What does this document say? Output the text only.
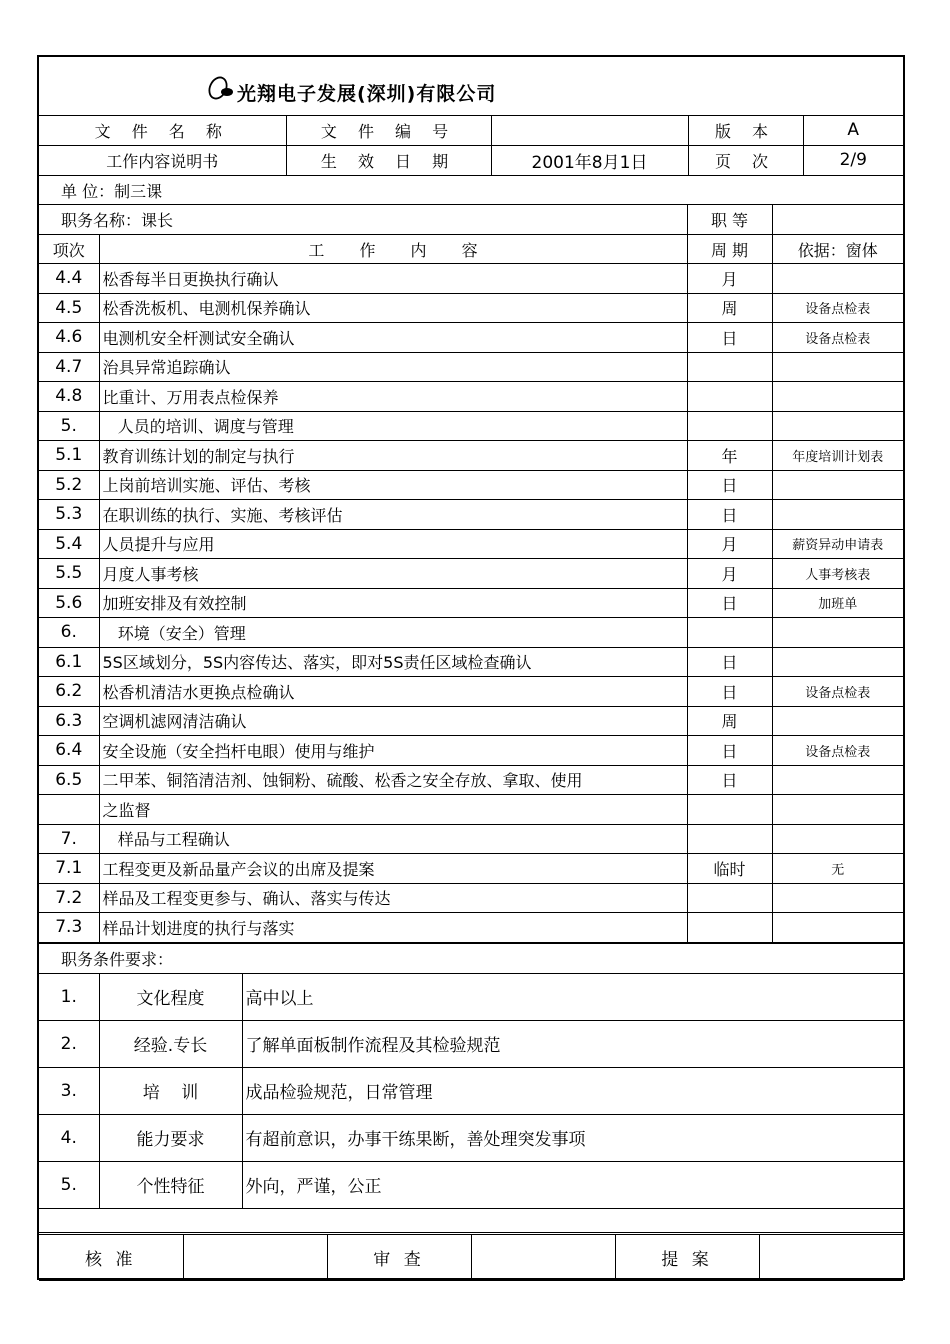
光翔电子发展(深圳)有限公司
文 件 名 称	文 件 编 号		版 本	A
工作内容说明书	生 效 日 期	2001年8月1日	页 次	2/9
单 位：制三课			
职务名称：课长		职 等	
项次	工 作 内 容	周 期	依据：窗体
4.4	松香每半日更换执行确认	月	
4.5	松香洗板机、电测机保养确认	周	设备点检表
4.6	电测机安全杆测试安全确认	日	设备点检表
4.7	治具异常追踪确认		
4.8	比重计、万用表点检保养		
5.	人员的培训、调度与管理		
5.1	教育训练计划的制定与执行	年	年度培训计划表
5.2	上岗前培训实施、评估、考核	日	
5.3	在职训练的执行、实施、考核评估	日	
5.4	人员提升与应用	月	薪资异动申请表
5.5	月度人事考核	月	人事考核表
5.6	加班安排及有效控制	日	加班单
6.	环境（安全）管理		
6.1	5S区域划分，5S内容传达、落实，即对5S责任区域检查确认	日	
6.2	松香机清洁水更换点检确认	日	设备点检表
6.3	空调机滤网清洁确认	周	
6.4	安全设施（安全挡杆电眼）使用与维护	日	设备点检表
6.5	二甲苯、铜箔清洁剂、蚀铜粉、硫酸、松香之安全存放、拿取、使用	日	
	之监督		
7.	样品与工程确认		
7.1	工程变更及新品量产会议的出席及提案	临时	无
7.2	样品及工程变更参与、确认、落实与传达		
7.3	样品计划进度的执行与落实		
职务条件要求：		
1.	文化程度	高中以上
2.	经验.专长	了解单面板制作流程及其检验规范
3.	培    训	成品检验规范，日常管理
4.	能力要求	有超前意识，办事干练果断，善处理突发事项
5.	个性特征	外向，严谨，公正

核 准		审 查		提 案	
